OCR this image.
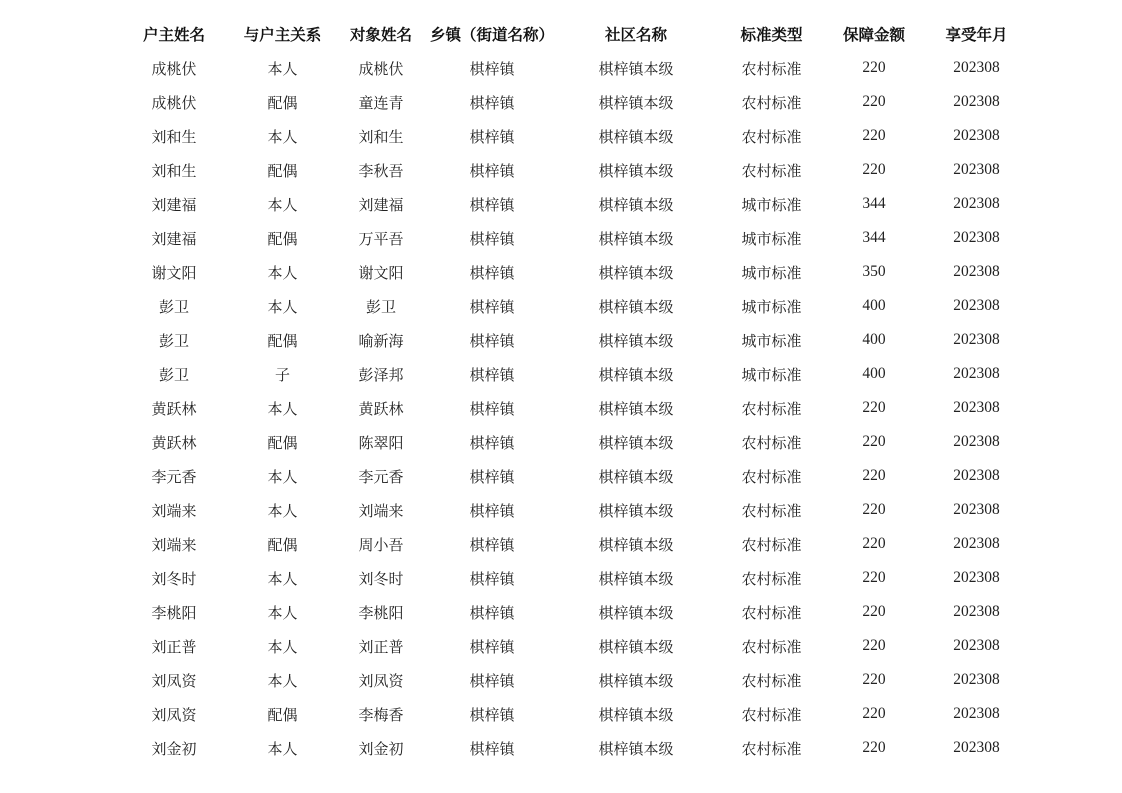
户主姓名	与户主关系	对象姓名	乡镇（街道名称）	社区名称	标准类型	保障金额	享受年月
成桃伏	本人	成桃伏	棋梓镇	棋梓镇本级	农村标准	220	202308
成桃伏	配偶	童连青	棋梓镇	棋梓镇本级	农村标准	220	202308
刘和生	本人	刘和生	棋梓镇	棋梓镇本级	农村标准	220	202308
刘和生	配偶	李秋吾	棋梓镇	棋梓镇本级	农村标准	220	202308
刘建福	本人	刘建福	棋梓镇	棋梓镇本级	城市标准	344	202308
刘建福	配偶	万平吾	棋梓镇	棋梓镇本级	城市标准	344	202308
谢文阳	本人	谢文阳	棋梓镇	棋梓镇本级	城市标准	350	202308
彭卫	本人	彭卫	棋梓镇	棋梓镇本级	城市标准	400	202308
彭卫	配偶	喻新海	棋梓镇	棋梓镇本级	城市标准	400	202308
彭卫	子	彭泽邦	棋梓镇	棋梓镇本级	城市标准	400	202308
黄跃林	本人	黄跃林	棋梓镇	棋梓镇本级	农村标准	220	202308
黄跃林	配偶	陈翠阳	棋梓镇	棋梓镇本级	农村标准	220	202308
李元香	本人	李元香	棋梓镇	棋梓镇本级	农村标准	220	202308
刘端来	本人	刘端来	棋梓镇	棋梓镇本级	农村标准	220	202308
刘端来	配偶	周小吾	棋梓镇	棋梓镇本级	农村标准	220	202308
刘冬时	本人	刘冬时	棋梓镇	棋梓镇本级	农村标准	220	202308
李桃阳	本人	李桃阳	棋梓镇	棋梓镇本级	农村标准	220	202308
刘正普	本人	刘正普	棋梓镇	棋梓镇本级	农村标准	220	202308
刘凤资	本人	刘凤资	棋梓镇	棋梓镇本级	农村标准	220	202308
刘凤资	配偶	李梅香	棋梓镇	棋梓镇本级	农村标准	220	202308
刘金初	本人	刘金初	棋梓镇	棋梓镇本级	农村标准	220	202308
